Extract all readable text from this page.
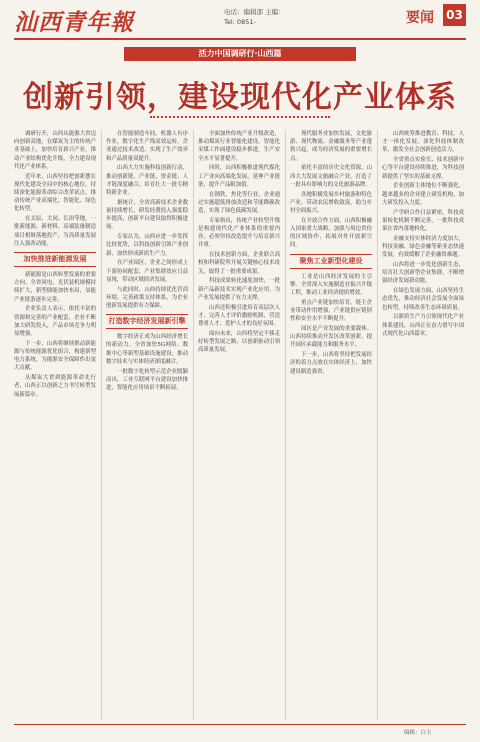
汕西青年報	电话：编辑部 主编：
Tel: 0851-	要闻 03
活力中国调研行·山西篇
创新引领，建设现代化产业体系

调研行开，山西从能源大省迈向创新高地，在煤炭为主的传统产业基础上，加快培育新兴产业，推动产业结构优化升级，全力建设现代化产业体系。

近年来，山西坚持把创新摆在现代化建设全局中的核心地位，持续深化能源革命综合改革试点，推动传统产业高端化、智能化、绿色化转型。

在太原、大同、长治等地，一批新能源、新材料、高端装备制造项目相继落地投产，为高质量发展注入强劲动能。

加快推进新能源发展

新能源是山西转型发展的重要方向。全省风电、光伏装机规模持续扩大，新型储能加快布局，氢能产业链条逐步完善。

企业负责人表示，依托丰富的资源和完善的产业配套，企业不断加大研发投入，产品市场竞争力明显增强。

下一步，山西将继续推动新能源与传统能源优化组合，构建新型电力系统，为能源安全保障作出更大贡献。

从煤炭大省到能源革命先行者，山西正以创新之力书写转型发展新篇章。

在智能制造车间，机器人有序作业，数字化生产线高效运转。企业通过技术改造，实现了生产效率和产品质量双提升。

山西大力实施科技创新行动，推动创新链、产业链、资金链、人才链深度融合，培育壮大一批专精特新企业。

据统计，全省高新技术企业数量持续增长，研发经费投入强度稳步提高，创新平台建设取得积极进展。

专家认为，山西应进一步发挥比较优势，以科技创新引领产业创新，加快形成新质生产力。

在产业园区，企业之间形成上下游协同配套，产业集群效应日益显现，带动区域经济发展。

与此同时，山西持续优化营商环境，完善政策支持体系，为企业创新发展提供有力保障。

打造数字经济发展新引擎

数字经济正成为山西经济增长的新动力。全省加快5G网络、数据中心等新型基础设施建设，推动数字技术与实体经济深度融合。

一批数字化转型示范企业脱颖而出，工业互联网平台建设加快推进，智能化应用场景不断拓展。

全面加快传统产业升级改造，推动煤炭行业智能化建设，智能化采煤工作面建设稳步推进，生产安全水平显著提升。

同时，山西积极推进现代煤化工产业向高端化发展，延伸产业链条，提升产品附加值。

在钢铁、焦化等行业，企业通过实施超低排放改造和节能降碳改造，实现了绿色低碳发展。

专家指出，传统产业转型升级是构建现代化产业体系的重要内容，必须坚持改造提升与培育新兴并重。

在技术创新方面，企业联合高校和科研院所开展关键核心技术攻关，取得了一批重要成果。

科技成果转化速度加快，一批新产品新技术实现产业化应用，为产业发展提供了有力支撑。

山西还积极引进培育高层次人才，完善人才评价激励机制，营造尊重人才、爱护人才的良好氛围。

面向未来，山西将坚定不移走好转型发展之路，以创新驱动引领高质量发展。

现代服务业加快发展，文化旅游、现代物流、金融服务等产业蓬勃兴起，成为经济发展的重要增长点。

依托丰富的历史文化资源，山西大力发展文旅融合产业，打造了一批具有影响力的文化旅游品牌。

各地积极发展乡村旅游和特色产业，带动农民增收致富，助力乡村全面振兴。

在开放合作方面，山西积极融入国家重大战略，加强与周边省份的区域协作，拓展对外开放新空间。

聚焦工业新型化建设

工业是山西经济发展的主引擎。全省深入实施制造业振兴升级工程，推动工业经济提质增效。

重点产业链加快培育，链主企业带动作用增强，产业链供应链韧性和安全水平不断提升。

园区是产业发展的重要载体。山西持续推动开发区改革创新，提升园区承载能力和服务水平。

下一步，山西将坚持把发展经济的着力点放在实体经济上，加快建设制造强省。

山西统筹推进教育、科技、人才一体化发展，深化科技体制改革，激发全社会创新创造活力。

全省重点实验室、技术创新中心等平台建设持续推进，为科技创新提供了坚实的基础支撑。

企业创新主体地位不断强化，越来越多的企业建立研发机构，加大研发投入力度。

产学研合作日益紧密，科技成果转化机制不断完善，一批科技成果在省内落地转化。

金融支持实体经济力度加大，科技金融、绿色金融等新业态快速发展，有效缓解了企业融资难题。

山西将进一步优化创新生态，培育壮大创新型企业集群，不断增强经济发展新动能。

在绿色发展方面，山西坚持生态优先，推动经济社会发展全面绿色转型，持续改善生态环境质量。

以新质生产力引领现代化产业体系建设，山西正在奋力谱写中国式现代化山西篇章。

编辑：白玉
